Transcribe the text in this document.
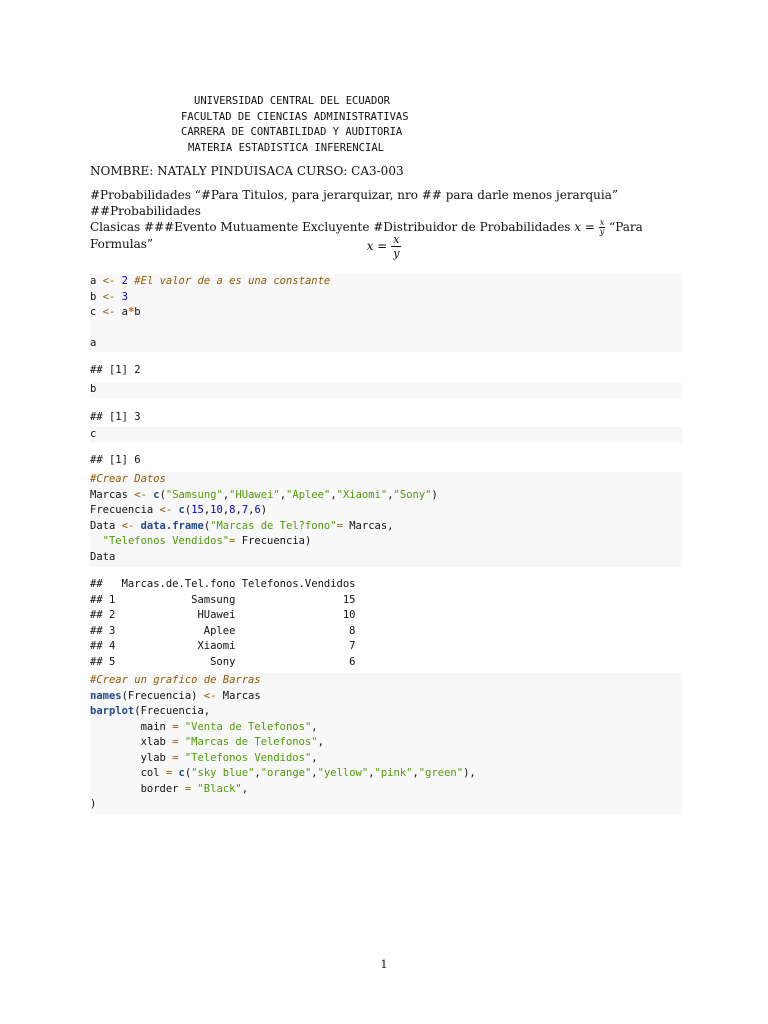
UNIVERSIDAD CENTRAL DEL ECUADOR
FACULTAD DE CIENCIAS ADMINISTRATIVAS
CARRERA DE CONTABILIDAD Y AUDITORIA
MATERIA ESTADISTICA INFERENCIAL
NOMBRE: NATALY PINDUISACA CURSO: CA3-003
#Probabilidades “#Para Titulos, para jerarquizar, nro ## para darle menos jerarquia” ##Probabilidades
Clasicas ###Evento Mutuamente Excluyente #Distribuidor de Probabilidades $x = \frac{x}{y}$ “Para Formulas”	$x = \frac{x}{y}$
a <- 2 #El valor de a es una constante
b <- 3
c <- a*b
a
## [1] 2
b
## [1] 3
c
## [1] 6
#Crear Datos
Marcas <- c("Samsung","HUawei","Aplee","Xiaomi","Sony")
Frecuencia <- c(15,10,8,7,6)
Data <- data.frame("Marcas de Tel?fono"= Marcas,
"Telefonos Vendidos"= Frecuencia)
Data
##   Marcas.de.Tel.fono Telefonos.Vendidos
## 1            Samsung                 15
## 2             HUawei                 10
## 3              Aplee                  8
## 4             Xiaomi                  7
## 5               Sony                  6
#Crear un grafico de Barras
names(Frecuencia) <- Marcas
barplot(Frecuencia,
main = "Venta de Telefonos",
xlab = "Marcas de Telefonos",
ylab = "Telefonos Vendidos",
col = c("sky blue","orange","yellow","pink","green"),
border = "Black",
)
1
